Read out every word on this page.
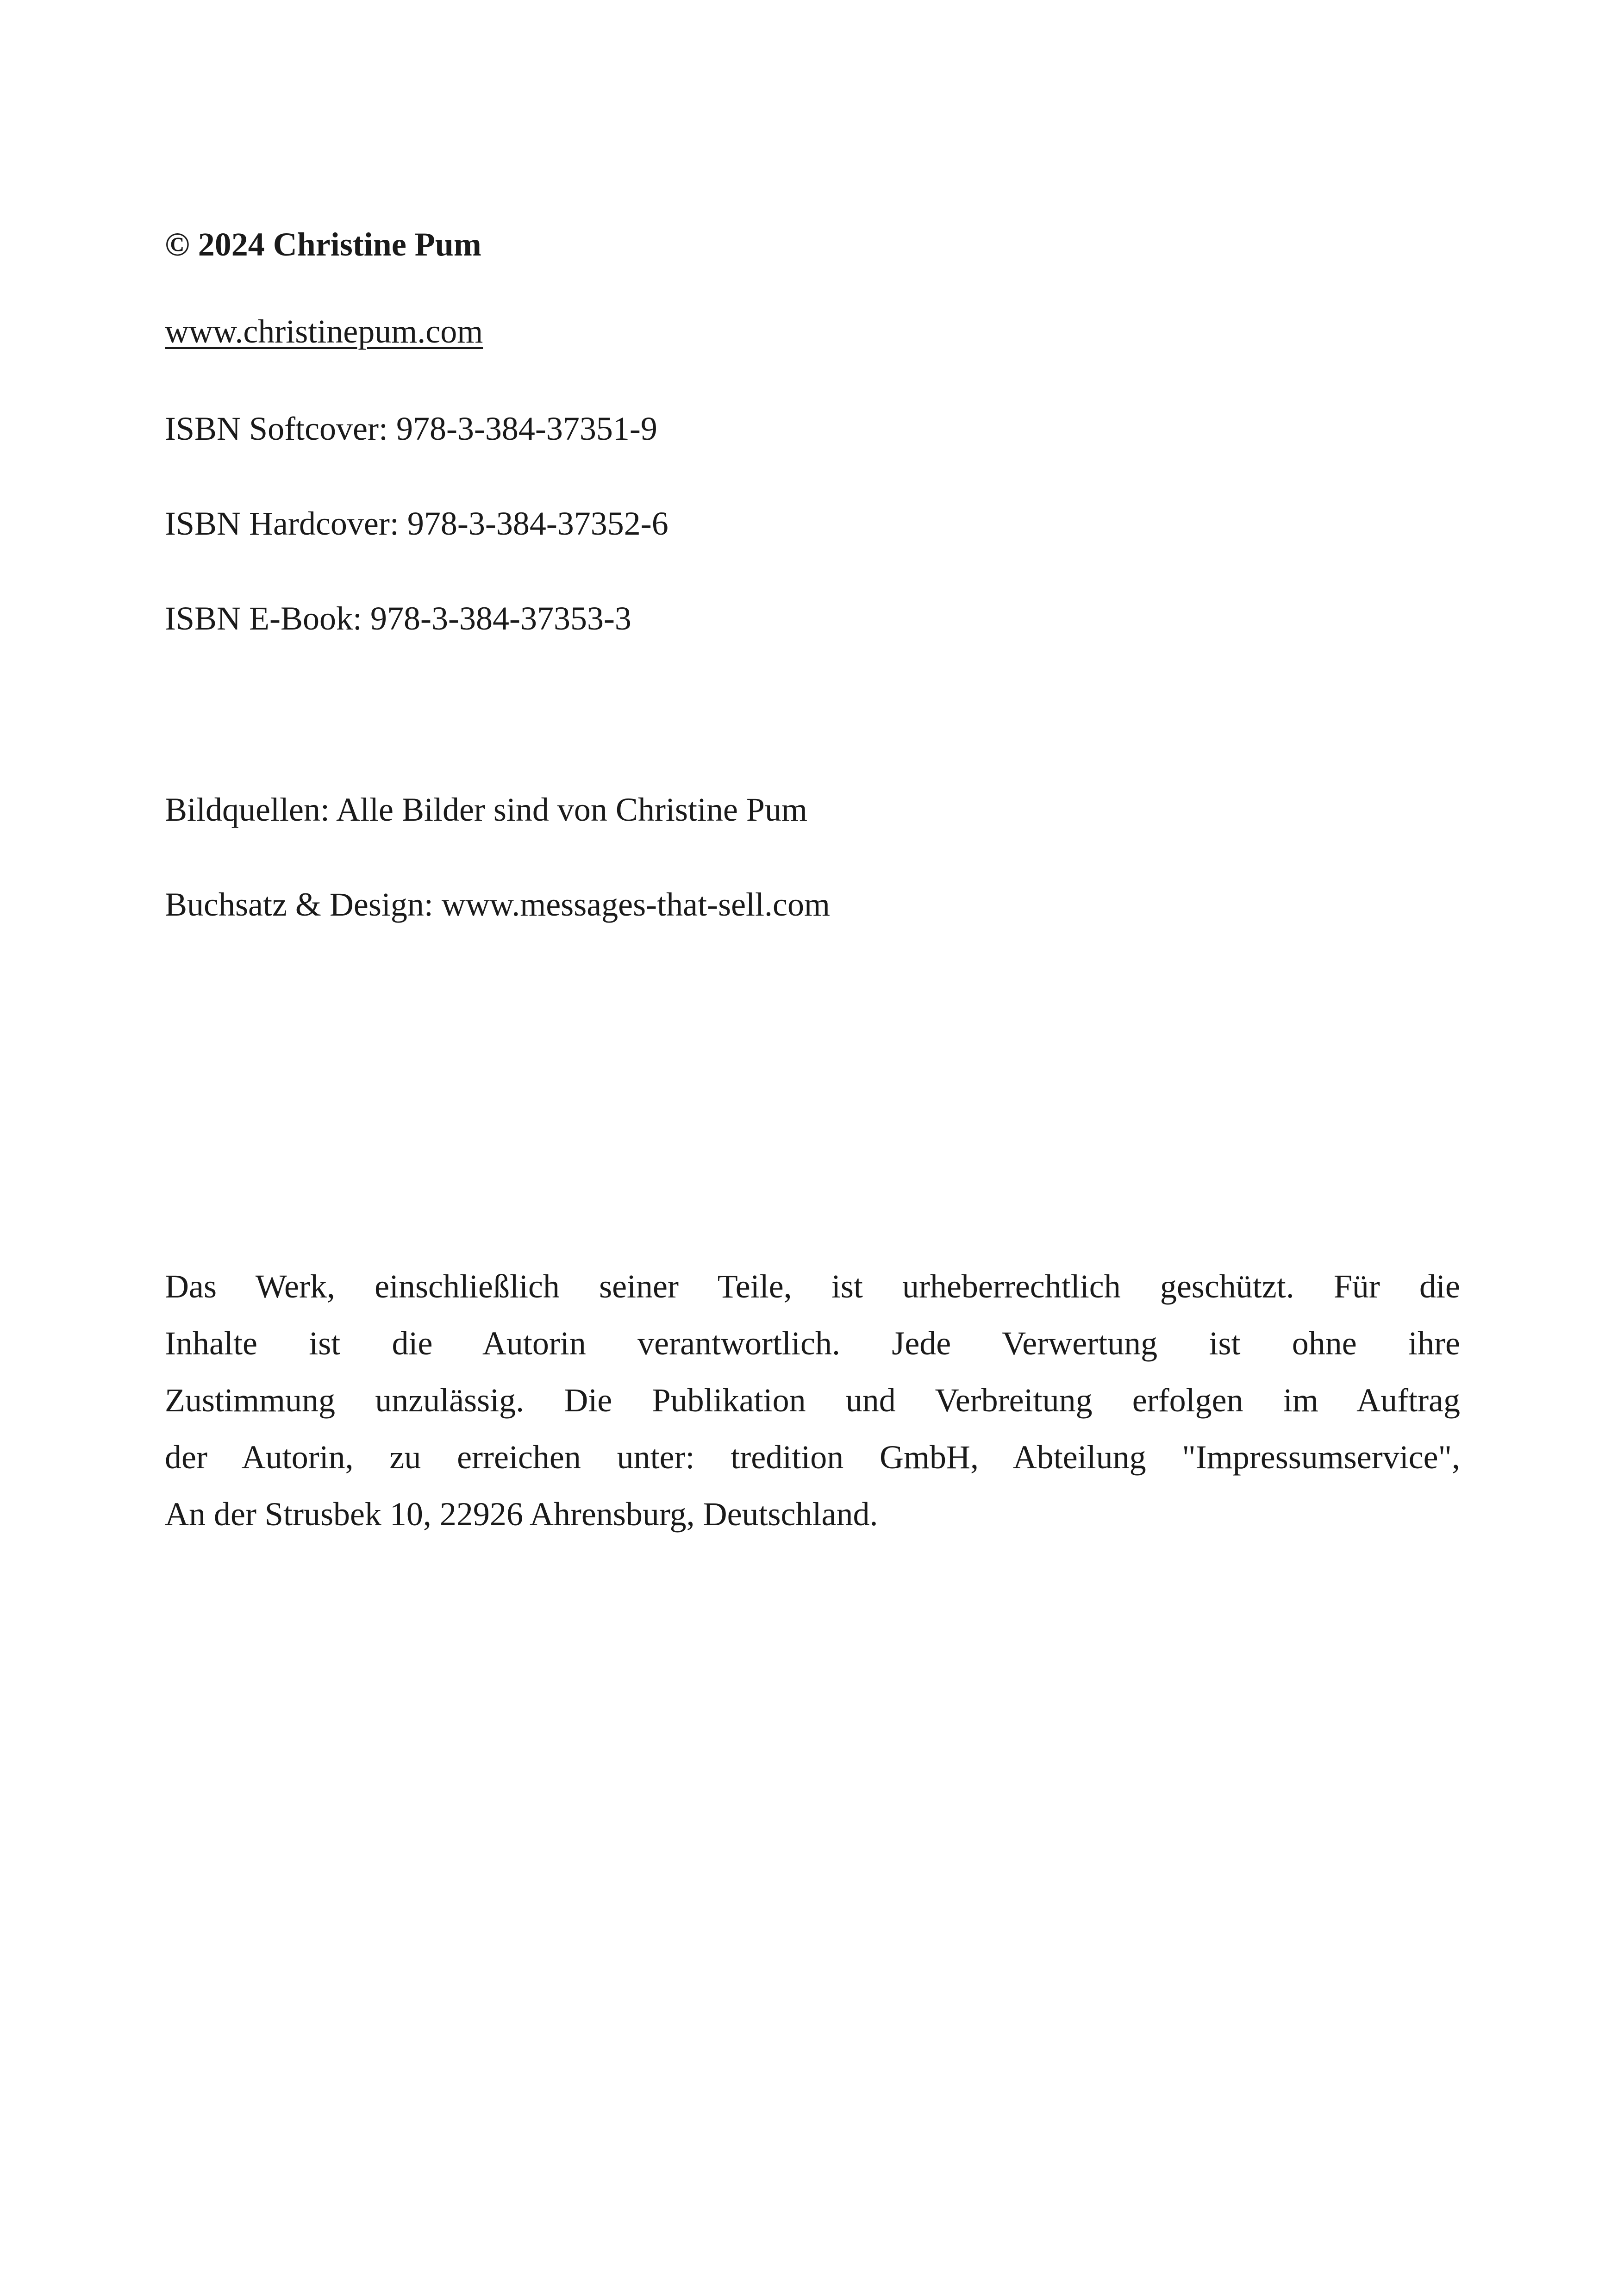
© 2024 Christine Pum

www.christinepum.com

ISBN Softcover: 978-3-384-37351-9

ISBN Hardcover: 978-3-384-37352-6

ISBN E-Book: 978-3-384-37353-3

Bildquellen: Alle Bilder sind von Christine Pum

Buchsatz & Design: www.messages-that-sell.com

Das Werk, einschließlich seiner Teile, ist urheberrechtlich geschützt. Für die
Inhalte ist die Autorin verantwortlich. Jede Verwertung ist ohne ihre
Zustimmung unzulässig. Die Publikation und Verbreitung erfolgen im Auftrag
der Autorin, zu erreichen unter: tredition GmbH, Abteilung "Impressumservice",
An der Strusbek 10, 22926 Ahrensburg, Deutschland.
